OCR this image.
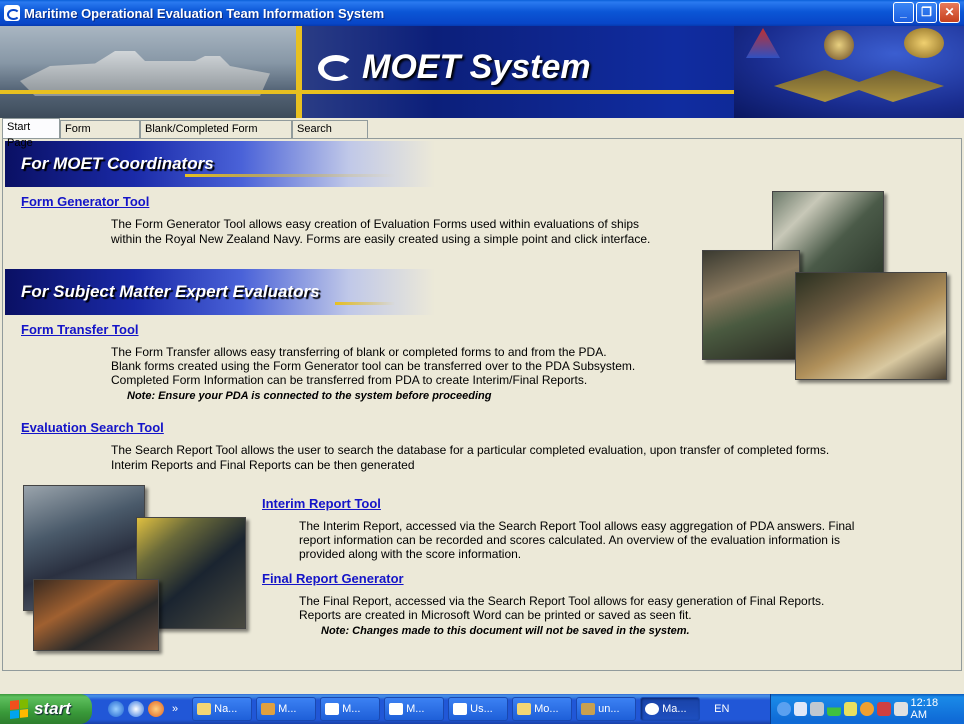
Maritime Operational Evaluation Team Information System	_	❐	✕
MOET System
Start Page
Form	Blank/Completed Form	Search
For MOET Coordinators
Form Generator Tool
The Form Generator Tool allows easy creation of Evaluation Forms used within evaluations of ships
within the Royal New Zealand Navy. Forms are easily created using a simple point and click interface.
For Subject Matter Expert Evaluators
Form Transfer Tool
The Form Transfer allows easy transferring of blank or completed forms to and from the PDA.
Blank forms created using the Form Generator tool can be transferred over to the PDA Subsystem.
Completed Form Information can be transferred from PDA to create Interim/Final Reports.
Note: Ensure your PDA is connected to the system before proceeding
Evaluation Search Tool
The Search Report Tool allows the user to search the database for a particular completed evaluation, upon transfer of completed forms.
Interim Reports and Final Reports can be then generated
Interim Report Tool
The Interim Report, accessed via the Search Report Tool allows easy aggregation of PDA answers. Final
report information can be recorded and scores calculated. An overview of the evaluation information is
provided along with the score information.
Final Report Generator
The Final Report, accessed via the Search Report Tool allows for easy generation of Final Reports.
Reports are created in Microsoft Word can be printed or saved as seen fit.
Note: Changes made to this document will not be saved in the system.
start	»	Na...	M...	M...	M...	Us...	Mo...	un...	Ma...	EN	12:18 AM
